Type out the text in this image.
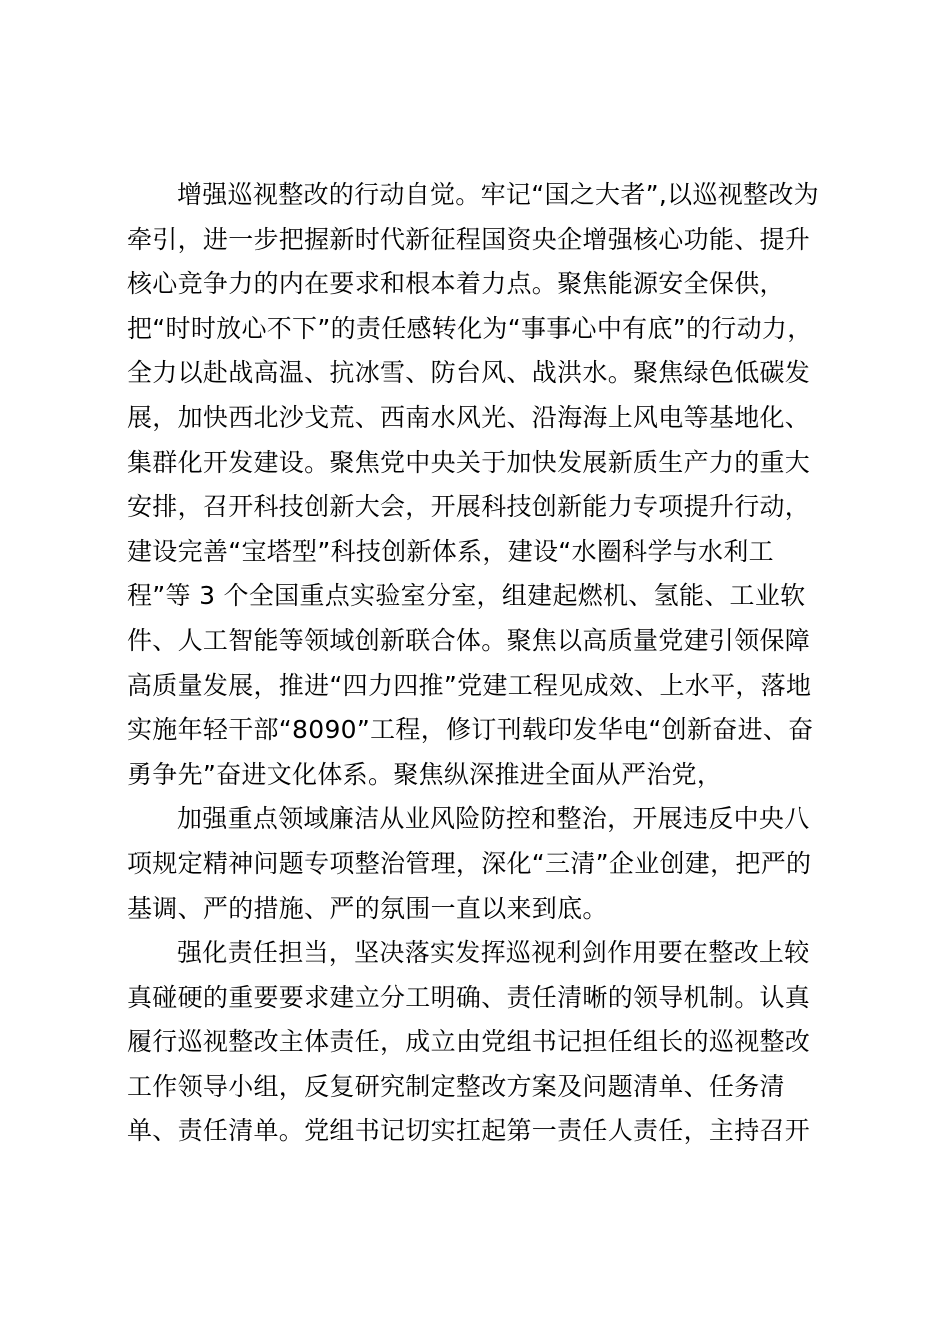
增强巡视整改的行动自觉。牢记“国之大者”,以巡视整改为
牵引，进一步把握新时代新征程国资央企增强核心功能、提升
核心竞争力的内在要求和根本着力点。聚焦能源安全保供，
把“时时放心不下”的责任感转化为“事事心中有底”的行动力，
全力以赴战高温、抗冰雪、防台风、战洪水。聚焦绿色低碳发
展，加快西北沙戈荒、西南水风光、沿海海上风电等基地化、
集群化开发建设。聚焦党中央关于加快发展新质生产力的重大
安排，召开科技创新大会，开展科技创新能力专项提升行动，
建设完善“宝塔型”科技创新体系，建设“水圈科学与水利工
程”等 3 个全国重点实验室分室，组建起燃机、氢能、工业软
件、人工智能等领域创新联合体。聚焦以高质量党建引领保障
高质量发展，推进“四力四推”党建工程见成效、上水平，落地
实施年轻干部“8090”工程，修订刊载印发华电“创新奋进、奋
勇争先”奋进文化体系。聚焦纵深推进全面从严治党，
加强重点领域廉洁从业风险防控和整治，开展违反中央八
项规定精神问题专项整治管理，深化“三清”企业创建，把严的
基调、严的措施、严的氛围一直以来到底。
强化责任担当，坚决落实发挥巡视利剑作用要在整改上较
真碰硬的重要要求建立分工明确、责任清晰的领导机制。认真
履行巡视整改主体责任，成立由党组书记担任组长的巡视整改
工作领导小组，反复研究制定整改方案及问题清单、任务清
单、责任清单。党组书记切实扛起第一责任人责任，主持召开
